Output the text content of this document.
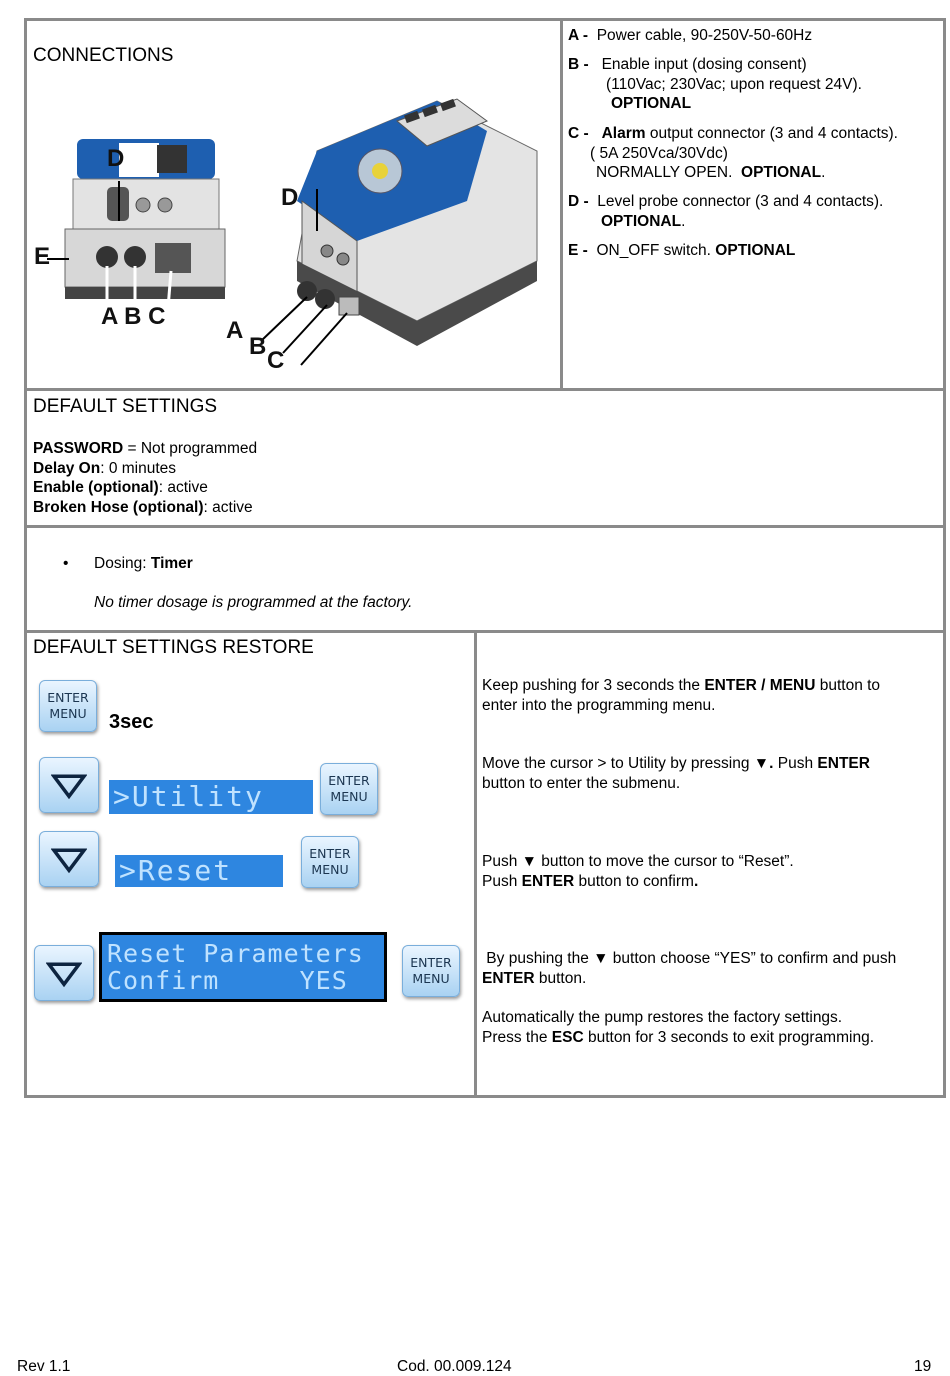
CONNECTIONS
D
E
A B C
D
A
B
C
A - Power cable, 90-250V-50-60Hz
B - Enable input (dosing consent)
(110Vac; 230Vac; upon request 24V).
OPTIONAL
C - Alarm output connector (3 and 4 contacts).
( 5A 250Vca/30Vdc)
NORMALLY OPEN. OPTIONAL.
D - Level probe connector (3 and 4 contacts).
OPTIONAL.
E - ON_OFF switch. OPTIONAL
DEFAULT SETTINGS
PASSWORD = Not programmed
Delay On: 0 minutes
Enable (optional): active
Broken Hose (optional): active
• Dosing: Timer
No timer dosage is programmed at the factory.
DEFAULT SETTINGS RESTORE
ENTER
MENU 3sec
>Utility	ENTER
MENU
>Reset
ENTER
MENU
Reset Parameters
Confirm     YES
ENTER
MENU
Keep pushing for 3 seconds the ENTER / MENU button to
enter into the programming menu.
Move the cursor > to Utility by pressing ▼. Push ENTER
button to enter the submenu.
Push ▼ button to move the cursor to “Reset”.
Push ENTER button to confirm.
By pushing the ▼ button choose “YES” to confirm and push
ENTER button.
Automatically the pump restores the factory settings.
Press the ESC button for 3 seconds to exit programming.
Rev 1.1	Cod. 00.009.124	19
